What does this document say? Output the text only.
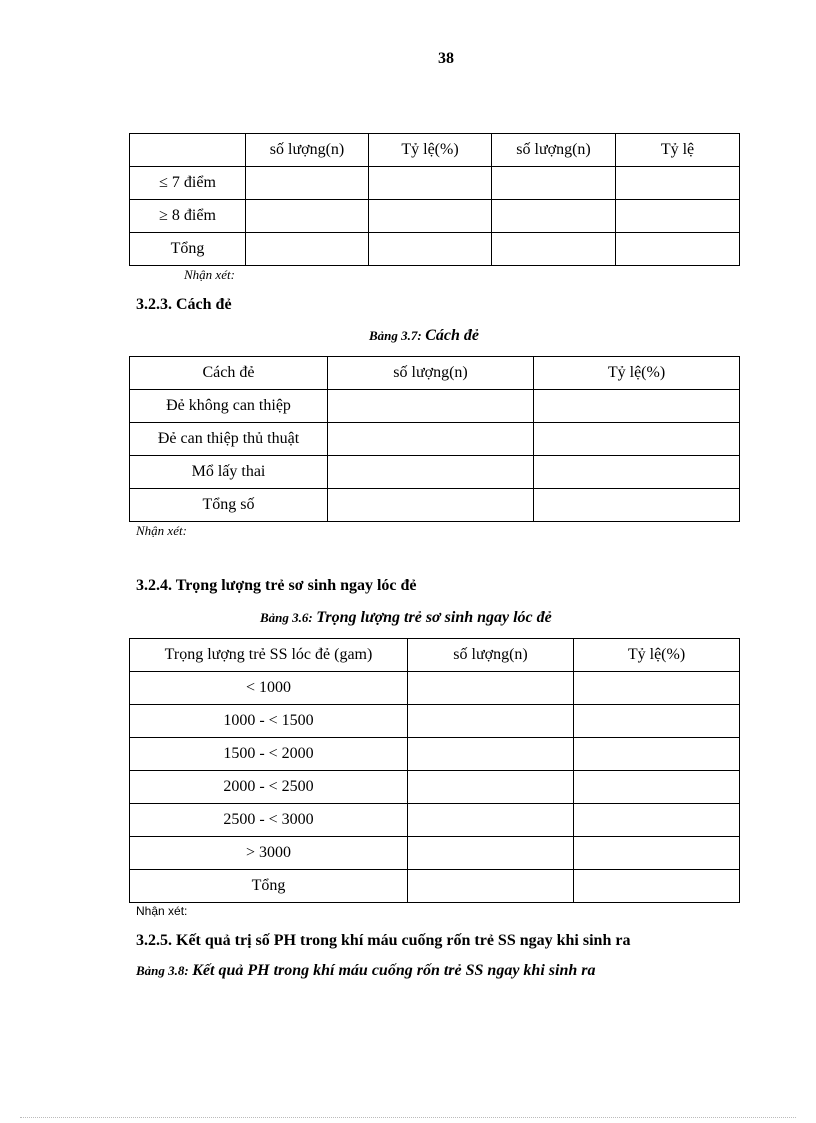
38
	số lượng(n)	Tỷ lệ(%)	số lượng(n)	Tỷ lệ
≤ 7 điểm				
≥ 8 điểm				
Tổng				
Nhận xét:
3.2.3. Cách đẻ
Bảng 3.7: Cách đẻ
Cách đẻ	số lượng(n)	Tỷ lệ(%)
Đẻ không can thiệp		
Đẻ can thiệp thủ thuật		
Mổ lấy thai		
Tổng số		
Nhận xét:
3.2.4. Trọng lượng trẻ sơ sinh ngay lóc đẻ
Bảng 3.6: Trọng lượng trẻ sơ sinh ngay lóc đẻ
Trọng lượng trẻ SS lóc đẻ (gam)	số lượng(n)	Tỷ lệ(%)
< 1000		
1000 - < 1500		
1500 - < 2000		
2000 - < 2500		
2500 - < 3000		
> 3000		
Tổng		
Nhận xét:
3.2.5. Kết quả trị số PH trong khí máu cuống rốn trẻ SS ngay khi sinh ra
Bảng 3.8: Kết quả PH trong khí máu cuống rốn trẻ SS ngay khi sinh ra
